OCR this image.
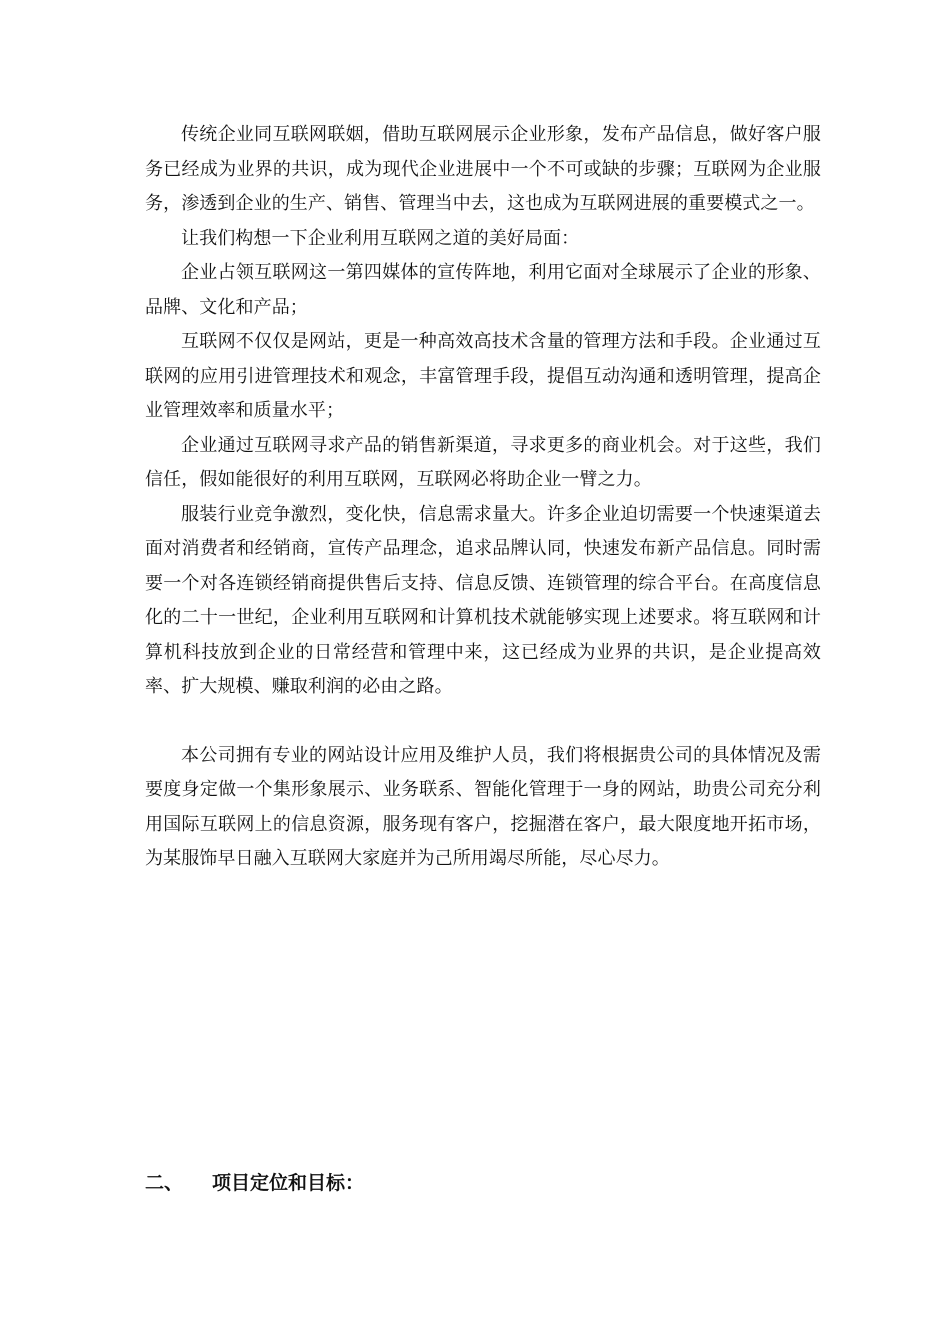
传统企业同互联网联姻，借助互联网展示企业形象，发布产品信息，做好客户服务已经成为业界的共识，成为现代企业进展中一个不可或缺的步骤；互联网为企业服务，渗透到企业的生产、销售、管理当中去，这也成为互联网进展的重要模式之一。

让我们构想一下企业利用互联网之道的美好局面：

企业占领互联网这一第四媒体的宣传阵地，利用它面对全球展示了企业的形象、品牌、文化和产品；

互联网不仅仅是网站，更是一种高效高技术含量的管理方法和手段。企业通过互联网的应用引进管理技术和观念，丰富管理手段，提倡互动沟通和透明管理，提高企业管理效率和质量水平；

企业通过互联网寻求产品的销售新渠道，寻求更多的商业机会。对于这些，我们信任，假如能很好的利用互联网，互联网必将助企业一臂之力。

服装行业竞争激烈，变化快，信息需求量大。许多企业迫切需要一个快速渠道去面对消费者和经销商，宣传产品理念，追求品牌认同，快速发布新产品信息。同时需要一个对各连锁经销商提供售后支持、信息反馈、连锁管理的综合平台。在高度信息化的二十一世纪，企业利用互联网和计算机技术就能够实现上述要求。将互联网和计算机科技放到企业的日常经营和管理中来，这已经成为业界的共识，是企业提高效率、扩大规模、赚取利润的必由之路。

本公司拥有专业的网站设计应用及维护人员，我们将根据贵公司的具体情况及需要度身定做一个集形象展示、业务联系、智能化管理于一身的网站，助贵公司充分利用国际互联网上的信息资源，服务现有客户，挖掘潜在客户，最大限度地开拓市场，为某服饰早日融入互联网大家庭并为己所用竭尽所能，尽心尽力。

二、	项目定位和目标：
